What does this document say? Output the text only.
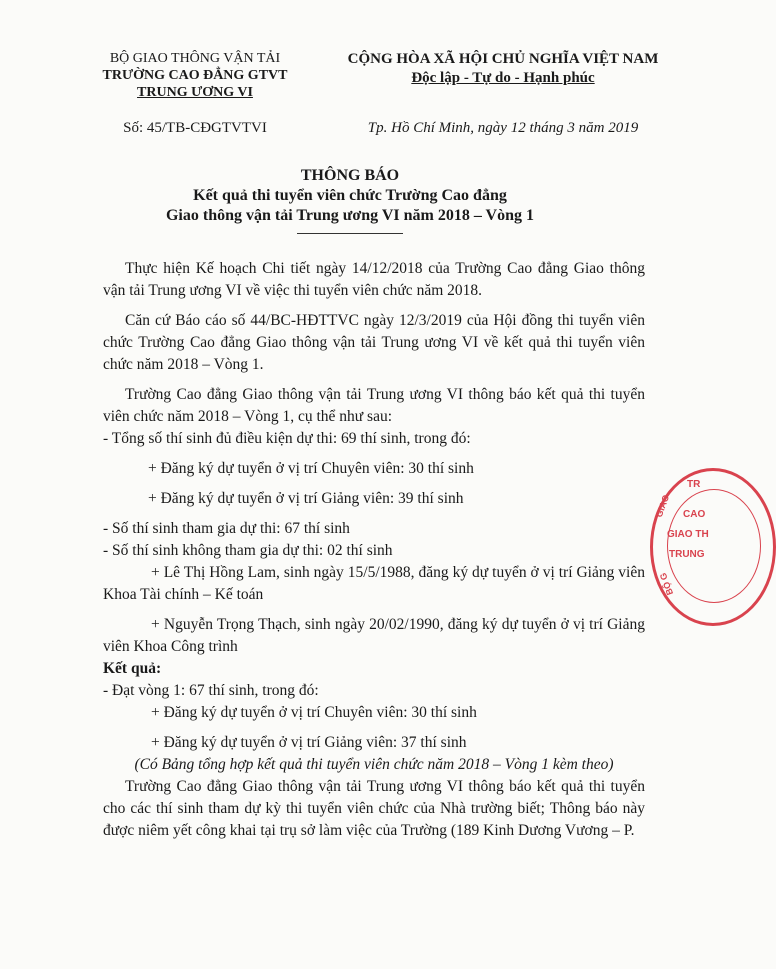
BỘ GIAO THÔNG VẬN TẢI
TRƯỜNG CAO ĐẲNG GTVT
TRUNG ƯƠNG VI
CỘNG HÒA XÃ HỘI CHỦ NGHĨA VIỆT NAM
Độc lập - Tự do - Hạnh phúc
Số: 45/TB-CĐGTVTVI	Tp. Hồ Chí Minh, ngày 12 tháng 3 năm 2019
THÔNG BÁO
Kết quả thi tuyển viên chức Trường Cao đẳng
Giao thông vận tải Trung ương VI năm 2018 – Vòng 1

Thực hiện Kế hoạch Chi tiết ngày 14/12/2018 của Trường Cao đẳng Giao thông vận tải Trung ương VI về việc thi tuyển viên chức năm 2018.

Căn cứ Báo cáo số 44/BC-HĐTTVC ngày 12/3/2019 của Hội đồng thi tuyển viên chức Trường Cao đẳng Giao thông vận tải Trung ương VI về kết quả thi tuyển viên chức năm 2018 – Vòng 1.

Trường Cao đẳng Giao thông vận tải Trung ương VI thông báo kết quả thi tuyển viên chức năm 2018 – Vòng 1, cụ thể như sau:

- Tổng số thí sinh đủ điều kiện dự thi: 69 thí sinh, trong đó:

+ Đăng ký dự tuyển ở vị trí Chuyên viên: 30 thí sinh

+ Đăng ký dự tuyển ở vị trí Giảng viên: 39 thí sinh

- Số thí sinh tham gia dự thi: 67 thí sinh

- Số thí sinh không tham gia dự thi: 02 thí sinh

+ Lê Thị Hồng Lam, sinh ngày 15/5/1988, đăng ký dự tuyển ở vị trí Giảng viên Khoa Tài chính – Kế toán

+ Nguyễn Trọng Thạch, sinh ngày 20/02/1990, đăng ký dự tuyển ở vị trí Giảng viên Khoa Công trình

Kết quả:

- Đạt vòng 1: 67 thí sinh, trong đó:

+ Đăng ký dự tuyển ở vị trí Chuyên viên: 30 thí sinh

+ Đăng ký dự tuyển ở vị trí Giảng viên: 37 thí sinh

(Có Bảng tổng hợp kết quả thi tuyển viên chức năm 2018 – Vòng 1 kèm theo)

Trường Cao đẳng Giao thông vận tải Trung ương VI thông báo kết quả thi tuyển cho các thí sinh tham dự kỳ thi tuyển viên chức của Nhà trường biết; Thông báo này được niêm yết công khai tại trụ sở làm việc của Trường (189 Kinh Dương Vương – P.

TR
CAO
GIAO TH
TRUNG
GIAO
BỘ G
